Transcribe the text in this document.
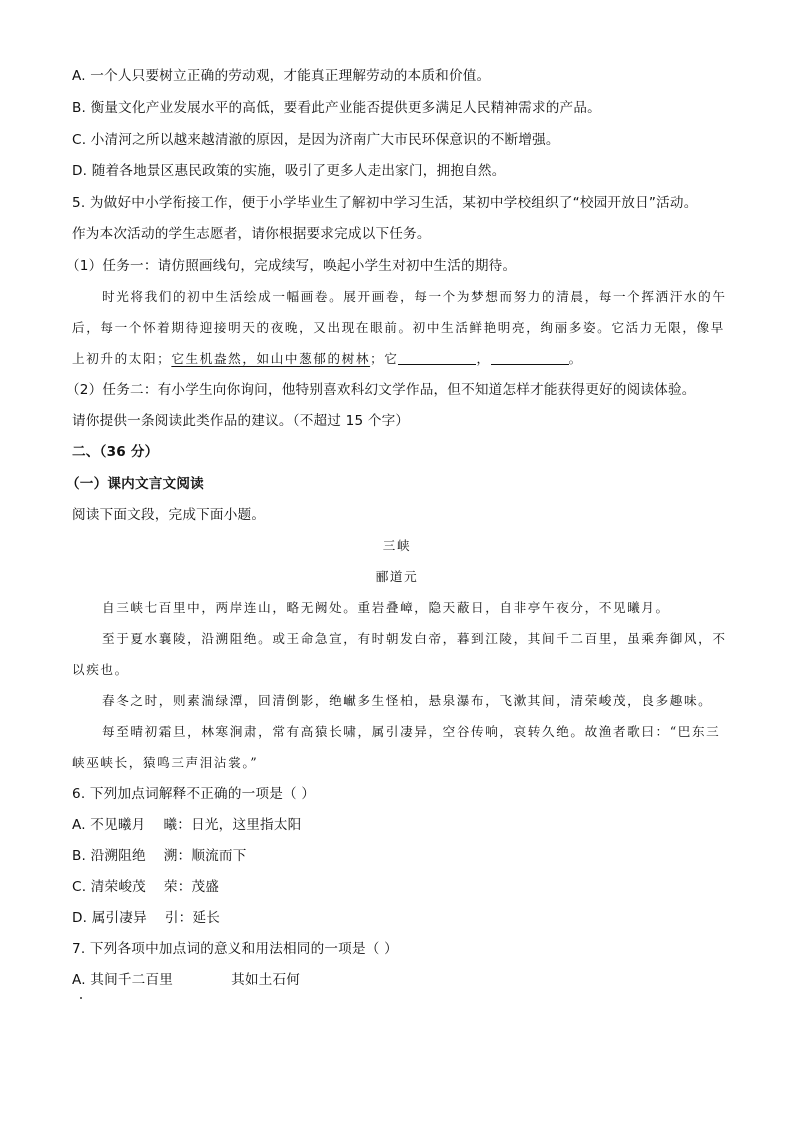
A. 一个人只要树立正确的劳动观，才能真正理解劳动的本质和价值。
B. 衡量文化产业发展水平的高低，要看此产业能否提供更多满足人民精神需求的产品。
C. 小清河之所以越来越清澈的原因，是因为济南广大市民环保意识的不断增强。
D. 随着各地景区惠民政策的实施，吸引了更多人走出家门，拥抱自然。
5. 为做好中小学衔接工作，便于小学毕业生了解初中学习生活，某初中学校组织了“校园开放日”活动。
作为本次活动的学生志愿者，请你根据要求完成以下任务。
（1）任务一：请仿照画线句，完成续写，唤起小学生对初中生活的期待。
时光将我们的初中生活绘成一幅画卷。展开画卷，每一个为梦想而努力的清晨，每一个挥洒汗水的午
后，每一个怀着期待迎接明天的夜晚，又出现在眼前。初中生活鲜艳明亮，绚丽多姿。它活力无限，像早
上初升的太阳；它生机盎然，如山中葱郁的树林；它	，	。
（2）任务二：有小学生向你询问，他特别喜欢科幻文学作品，但不知道怎样才能获得更好的阅读体验。
请你提供一条阅读此类作品的建议。（不超过 15 个字）
二、（36 分）
（一）课内文言文阅读
阅读下面文段，完成下面小题。
三峡
郦道元
自三峡七百里中，两岸连山，略无阙处。重岩叠嶂，隐天蔽日，自非亭午夜分，不见曦月。
至于夏水襄陵，沿溯阻绝。或王命急宣，有时朝发白帝，暮到江陵，其间千二百里，虽乘奔御风，不
以疾也。
春冬之时，则素湍绿潭，回清倒影，绝𪩘多生怪柏，悬泉瀑布，飞漱其间，清荣峻茂，良多趣味。
每至晴初霜旦，林寒涧肃，常有高猿长啸，属引凄异，空谷传响，哀转久绝。故渔者歌曰：“巴东三
峡巫峡长，猿鸣三声泪沾裳。”
6. 下列加点词解释不正确的一项是（ ）
A. 不见曦月 曦：日光，这里指太阳
B. 沿溯阻绝 溯：顺流而下
C. 清荣峻茂 荣：茂盛
D. 属引凄异 引：延长
7. 下列各项中加点词的意义和用法相同的一项是（ ）
A. 其间千二百里	其如土石何
